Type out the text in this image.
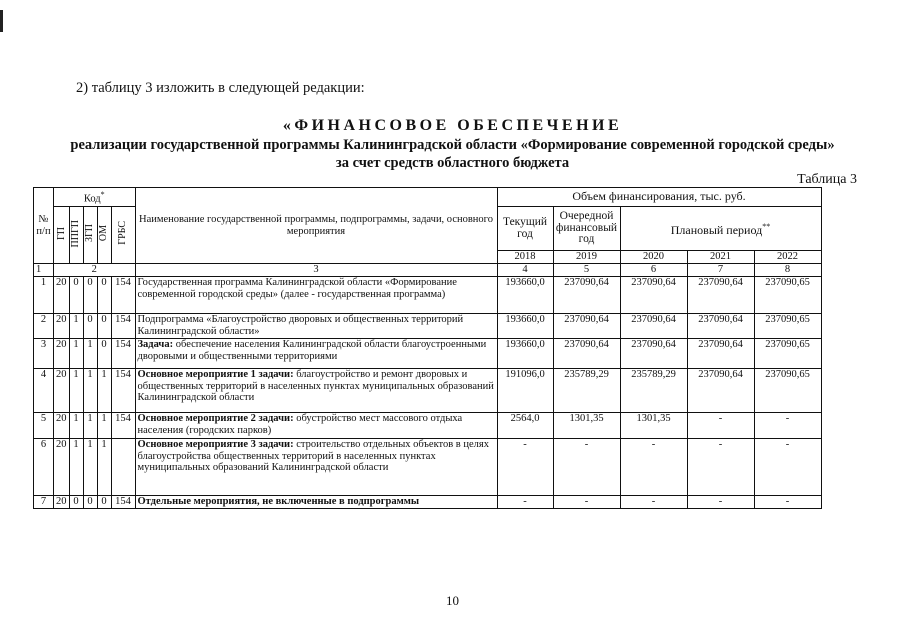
2) таблицу 3 изложить в следующей редакции:
«ФИНАНСОВОЕ ОБЕСПЕЧЕНИЕ
реализации государственной программы Калининградской области «Формирование современной городской среды»
за счет средств областного бюджета
Таблица 3
№ п/п	Код*					Наименование государственной программы, подпрограммы, задачи, основного мероприятия	Объем финансирования, тыс. руб.				
	ГП	ППГП	ЗГП	ОМ	ГРБС		Текущий год	Очередной финансовый год	Плановый период**
							2018	2019	2020	2021	2022
1	2					3	4	5	6	7	8
1	20	0	0	0	154	Государственная программа Калининградской области «Формирование современной городской среды» (далее - государственная программа)	193660,0	237090,64	237090,64	237090,64	237090,65
2	20	1	0	0	154	Подпрограмма «Благоустройство дворовых и общественных территорий Калининградской области»	193660,0	237090,64	237090,64	237090,64	237090,65
3	20	1	1	0	154	Задача: обеспечение населения Калининградской области благоустроенными дворовыми и общественными территориями	193660,0	237090,64	237090,64	237090,64	237090,65
4	20	1	1	1	154	Основное мероприятие 1 задачи: благоустройство и ремонт дворовых и общественных территорий в населенных пунктах муниципальных образований Калининградской области	191096,0	235789,29	235789,29	237090,64	237090,65
5	20	1	1	1	154	Основное мероприятие 2 задачи: обустройство мест массового отдыха населения (городских парков)	2564,0	1301,35	1301,35	-	-
6	20	1	1	1		Основное мероприятие 3 задачи: строительство отдельных объектов в целях благоустройства общественных территорий в населенных пунктах муниципальных образований Калининградской области	-	-	-	-	-
7	20	0	0	0	154	Отдельные мероприятия, не включенные в подпрограммы	-	-	-	-	-
10
